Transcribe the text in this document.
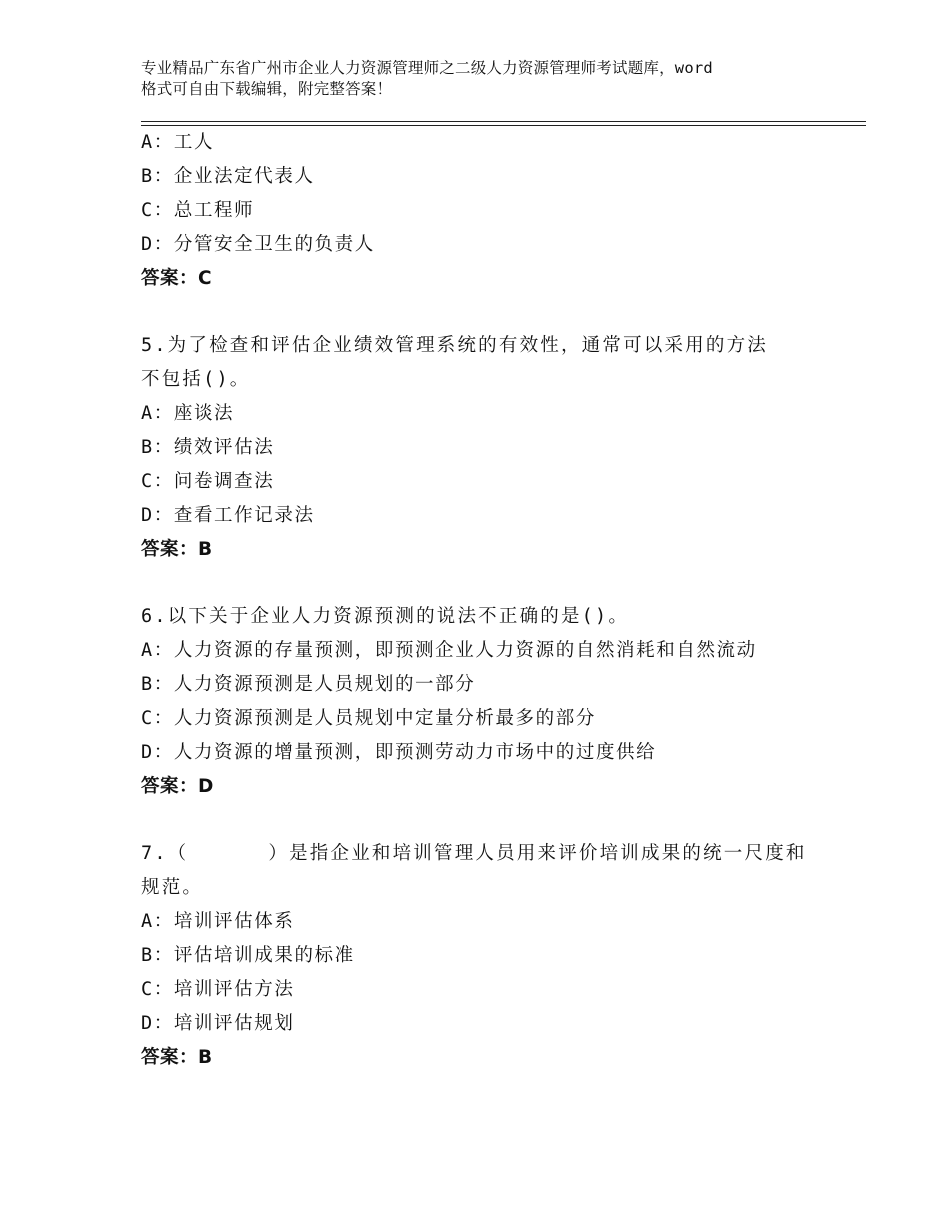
专业精品广东省广州市企业人力资源管理师之二级人力资源管理师考试题库，word
格式可自由下载编辑，附完整答案！
A：工人
B：企业法定代表人
C：总工程师
D：分管安全卫生的负责人
答案：C
5.为了检查和评估企业绩效管理系统的有效性，通常可以采用的方法
不包括()。
A：座谈法
B：绩效评估法
C：问卷调查法
D：查看工作记录法
答案：B
6.以下关于企业人力资源预测的说法不正确的是()。
A：人力资源的存量预测，即预测企业人力资源的自然消耗和自然流动
B：人力资源预测是人员规划的一部分
C：人力资源预测是人员规划中定量分析最多的部分
D：人力资源的增量预测，即预测劳动力市场中的过度供给
答案：D
7.（      ）是指企业和培训管理人员用来评价培训成果的统一尺度和
规范。
A：培训评估体系
B：评估培训成果的标准
C：培训评估方法
D：培训评估规划
答案：B
